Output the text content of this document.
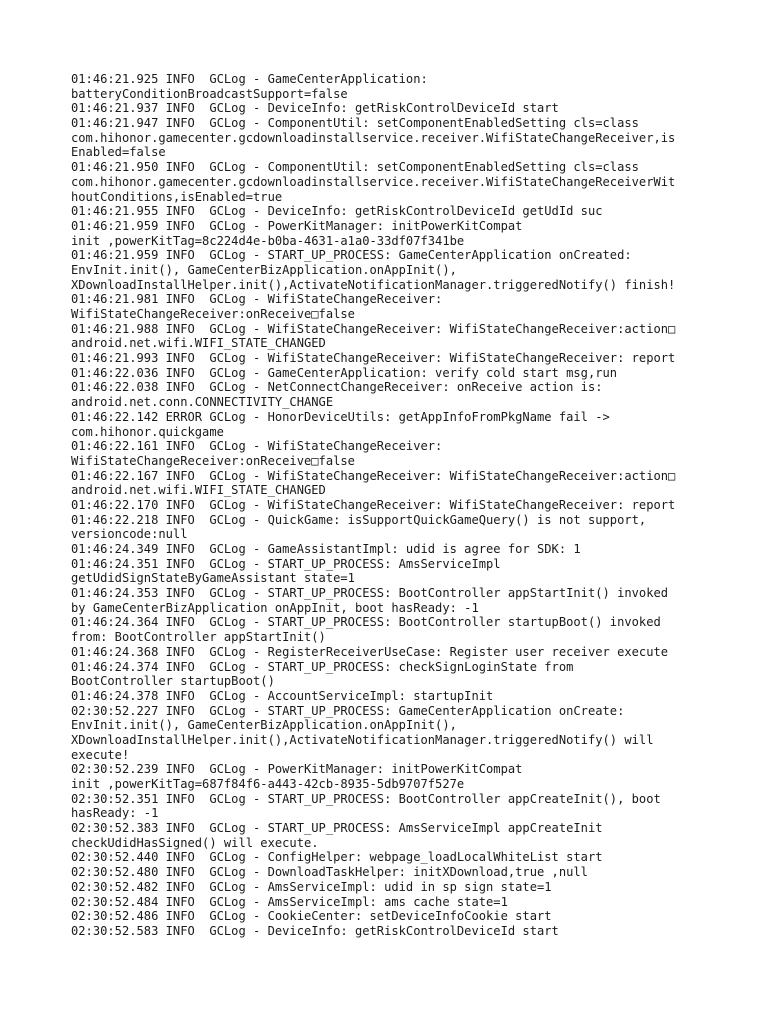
01:46:21.925 INFO  GCLog - GameCenterApplication:
batteryConditionBroadcastSupport=false
01:46:21.937 INFO  GCLog - DeviceInfo: getRiskControlDeviceId start
01:46:21.947 INFO  GCLog - ComponentUtil: setComponentEnabledSetting cls=class
com.hihonor.gamecenter.gcdownloadinstallservice.receiver.WifiStateChangeReceiver,is
Enabled=false
01:46:21.950 INFO  GCLog - ComponentUtil: setComponentEnabledSetting cls=class
com.hihonor.gamecenter.gcdownloadinstallservice.receiver.WifiStateChangeReceiverWit
houtConditions,isEnabled=true
01:46:21.955 INFO  GCLog - DeviceInfo: getRiskControlDeviceId getUdId suc
01:46:21.959 INFO  GCLog - PowerKitManager: initPowerKitCompat
init ,powerKitTag=8c224d4e-b0ba-4631-a1a0-33df07f341be
01:46:21.959 INFO  GCLog - START_UP_PROCESS: GameCenterApplication onCreated:
EnvInit.init(), GameCenterBizApplication.onAppInit(),
XDownloadInstallHelper.init(),ActivateNotificationManager.triggeredNotify() finish!
01:46:21.981 INFO  GCLog - WifiStateChangeReceiver:
WifiStateChangeReceiver:onReceive□false
01:46:21.988 INFO  GCLog - WifiStateChangeReceiver: WifiStateChangeReceiver:action□
android.net.wifi.WIFI_STATE_CHANGED
01:46:21.993 INFO  GCLog - WifiStateChangeReceiver: WifiStateChangeReceiver: report
01:46:22.036 INFO  GCLog - GameCenterApplication: verify cold start msg,run
01:46:22.038 INFO  GCLog - NetConnectChangeReceiver: onReceive action is:
android.net.conn.CONNECTIVITY_CHANGE
01:46:22.142 ERROR GCLog - HonorDeviceUtils: getAppInfoFromPkgName fail ->
com.hihonor.quickgame
01:46:22.161 INFO  GCLog - WifiStateChangeReceiver:
WifiStateChangeReceiver:onReceive□false
01:46:22.167 INFO  GCLog - WifiStateChangeReceiver: WifiStateChangeReceiver:action□
android.net.wifi.WIFI_STATE_CHANGED
01:46:22.170 INFO  GCLog - WifiStateChangeReceiver: WifiStateChangeReceiver: report
01:46:22.218 INFO  GCLog - QuickGame: isSupportQuickGameQuery() is not support,
versioncode:null
01:46:24.349 INFO  GCLog - GameAssistantImpl: udid is agree for SDK: 1
01:46:24.351 INFO  GCLog - START_UP_PROCESS: AmsServiceImpl
getUdidSignStateByGameAssistant state=1
01:46:24.353 INFO  GCLog - START_UP_PROCESS: BootController appStartInit() invoked
by GameCenterBizApplication onAppInit, boot hasReady: -1
01:46:24.364 INFO  GCLog - START_UP_PROCESS: BootController startupBoot() invoked
from: BootController appStartInit()
01:46:24.368 INFO  GCLog - RegisterReceiverUseCase: Register user receiver execute
01:46:24.374 INFO  GCLog - START_UP_PROCESS: checkSignLoginState from
BootController startupBoot()
01:46:24.378 INFO  GCLog - AccountServiceImpl: startupInit
02:30:52.227 INFO  GCLog - START_UP_PROCESS: GameCenterApplication onCreate:
EnvInit.init(), GameCenterBizApplication.onAppInit(),
XDownloadInstallHelper.init(),ActivateNotificationManager.triggeredNotify() will
execute!
02:30:52.239 INFO  GCLog - PowerKitManager: initPowerKitCompat
init ,powerKitTag=687f84f6-a443-42cb-8935-5db9707f527e
02:30:52.351 INFO  GCLog - START_UP_PROCESS: BootController appCreateInit(), boot
hasReady: -1
02:30:52.383 INFO  GCLog - START_UP_PROCESS: AmsServiceImpl appCreateInit
checkUdidHasSigned() will execute.
02:30:52.440 INFO  GCLog - ConfigHelper: webpage_loadLocalWhiteList start
02:30:52.480 INFO  GCLog - DownloadTaskHelper: initXDownload,true ,null
02:30:52.482 INFO  GCLog - AmsServiceImpl: udid in sp sign state=1
02:30:52.484 INFO  GCLog - AmsServiceImpl: ams cache state=1
02:30:52.486 INFO  GCLog - CookieCenter: setDeviceInfoCookie start
02:30:52.583 INFO  GCLog - DeviceInfo: getRiskControlDeviceId start
